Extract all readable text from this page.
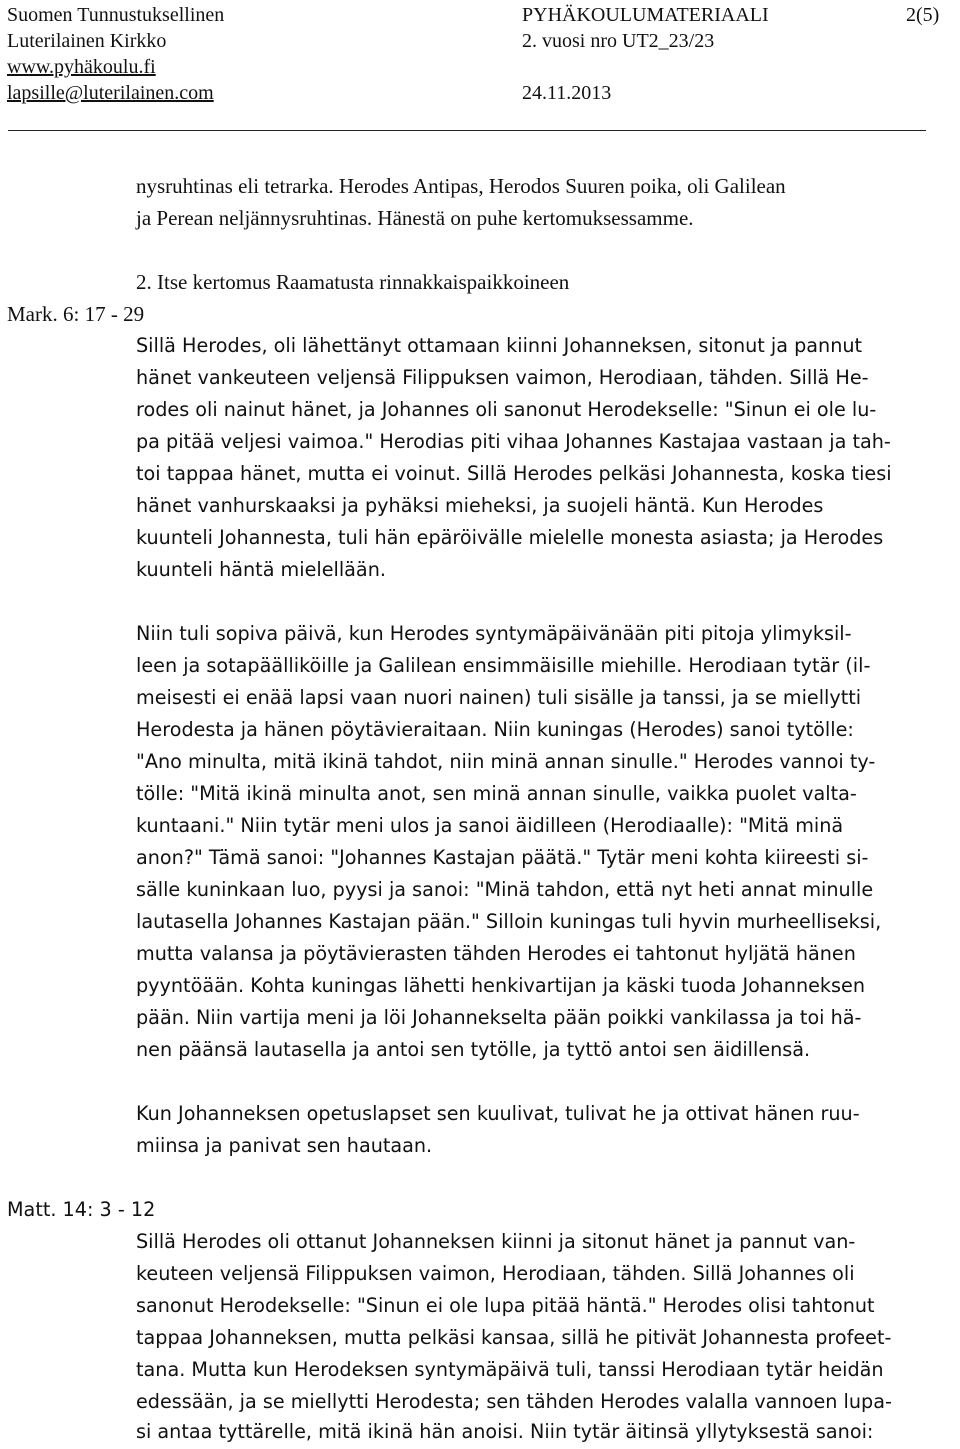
Suomen Tunnustuksellinen
Luterilainen Kirkko
www.pyhäkoulu.fi
lapsille@luterilainen.com
PYHÄKOULUMATERIAALI	2(5)
2. vuosi nro UT2_23/23
24.11.2013
nysruhtinas eli tetrarka. Herodes Antipas, Herodos Suuren poika, oli Galilean
ja Perean neljännysruhtinas. Hänestä on puhe kertomuksessamme.
2. Itse kertomus Raamatusta rinnakkaispaikkoineen
Mark. 6: 17 - 29
Sillä Herodes, oli lähettänyt ottamaan kiinni Johanneksen, sitonut ja pannut
hänet vankeuteen veljensä Filippuksen vaimon, Herodiaan, tähden. Sillä He-
rodes oli nainut hänet, ja Johannes oli sanonut Herodekselle: "Sinun ei ole lu-
pa pitää veljesi vaimoa." Herodias piti vihaa Johannes Kastajaa vastaan ja tah-
toi tappaa hänet, mutta ei voinut. Sillä Herodes pelkäsi Johannesta, koska tiesi
hänet vanhurskaaksi ja pyhäksi mieheksi, ja suojeli häntä. Kun Herodes
kuunteli Johannesta, tuli hän epäröivälle mielelle monesta asiasta; ja Herodes
kuunteli häntä mielellään.
Niin tuli sopiva päivä, kun Herodes syntymäpäivänään piti pitoja ylimyksil-
leen ja sotapäälliköille ja Galilean ensimmäisille miehille. Herodiaan tytär (il-
meisesti ei enää lapsi vaan nuori nainen) tuli sisälle ja tanssi, ja se miellytti
Herodesta ja hänen pöytävieraitaan. Niin kuningas (Herodes) sanoi tytölle:
"Ano minulta, mitä ikinä tahdot, niin minä annan sinulle." Herodes vannoi ty-
tölle: "Mitä ikinä minulta anot, sen minä annan sinulle, vaikka puolet valta-
kuntaani." Niin tytär meni ulos ja sanoi äidilleen (Herodiaalle): "Mitä minä
anon?" Tämä sanoi: "Johannes Kastajan päätä." Tytär meni kohta kiireesti si-
sälle kuninkaan luo, pyysi ja sanoi: "Minä tahdon, että nyt heti annat minulle
lautasella Johannes Kastajan pään." Silloin kuningas tuli hyvin murheelliseksi,
mutta valansa ja pöytävierasten tähden Herodes ei tahtonut hyljätä hänen
pyyntöään. Kohta kuningas lähetti henkivartijan ja käski tuoda Johanneksen
pään. Niin vartija meni ja löi Johannekselta pään poikki vankilassa ja toi hä-
nen päänsä lautasella ja antoi sen tytölle, ja tyttö antoi sen äidillensä.
Kun Johanneksen opetuslapset sen kuulivat, tulivat he ja ottivat hänen ruu-
miinsa ja panivat sen hautaan.
Matt. 14: 3 - 12
Sillä Herodes oli ottanut Johanneksen kiinni ja sitonut hänet ja pannut van-
keuteen veljensä Filippuksen vaimon, Herodiaan, tähden. Sillä Johannes oli
sanonut Herodekselle: "Sinun ei ole lupa pitää häntä." Herodes olisi tahtonut
tappaa Johanneksen, mutta pelkäsi kansaa, sillä he pitivät Johannesta profeet-
tana. Mutta kun Herodeksen syntymäpäivä tuli, tanssi Herodiaan tytär heidän
edessään, ja se miellytti Herodesta; sen tähden Herodes valalla vannoen lupa-
si antaa tyttärelle, mitä ikinä hän anoisi. Niin tytär äitinsä yllytyksestä sanoi:
